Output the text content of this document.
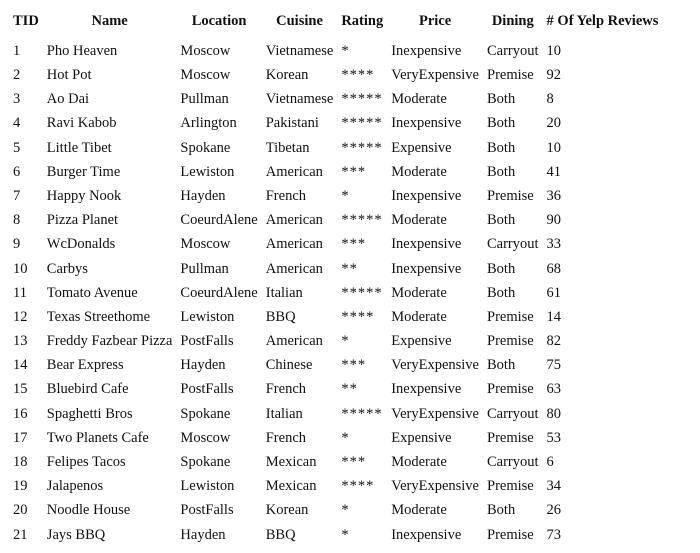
TID	Name	Location	Cuisine	Rating	Price	Dining	# Of Yelp Reviews
1	Pho Heaven	Moscow	Vietnamese	*	Inexpensive	Carryout	10
2	Hot Pot	Moscow	Korean	****	VeryExpensive	Premise	92
3	Ao Dai	Pullman	Vietnamese	*****	Moderate	Both	8
4	Ravi Kabob	Arlington	Pakistani	*****	Inexpensive	Both	20
5	Little Tibet	Spokane	Tibetan	*****	Expensive	Both	10
6	Burger Time	Lewiston	American	***	Moderate	Both	41
7	Happy Nook	Hayden	French	*	Inexpensive	Premise	36
8	Pizza Planet	CoeurdAlene	American	*****	Moderate	Both	90
9	WcDonalds	Moscow	American	***	Inexpensive	Carryout	33
10	Carbys	Pullman	American	**	Inexpensive	Both	68
11	Tomato Avenue	CoeurdAlene	Italian	*****	Moderate	Both	61
12	Texas Streethome	Lewiston	BBQ	****	Moderate	Premise	14
13	Freddy Fazbear Pizza	PostFalls	American	*	Expensive	Premise	82
14	Bear Express	Hayden	Chinese	***	VeryExpensive	Both	75
15	Bluebird Cafe	PostFalls	French	**	Inexpensive	Premise	63
16	Spaghetti Bros	Spokane	Italian	*****	VeryExpensive	Carryout	80
17	Two Planets Cafe	Moscow	French	*	Expensive	Premise	53
18	Felipes Tacos	Spokane	Mexican	***	Moderate	Carryout	6
19	Jalapenos	Lewiston	Mexican	****	VeryExpensive	Premise	34
20	Noodle House	PostFalls	Korean	*	Moderate	Both	26
21	Jays BBQ	Hayden	BBQ	*	Inexpensive	Premise	73
